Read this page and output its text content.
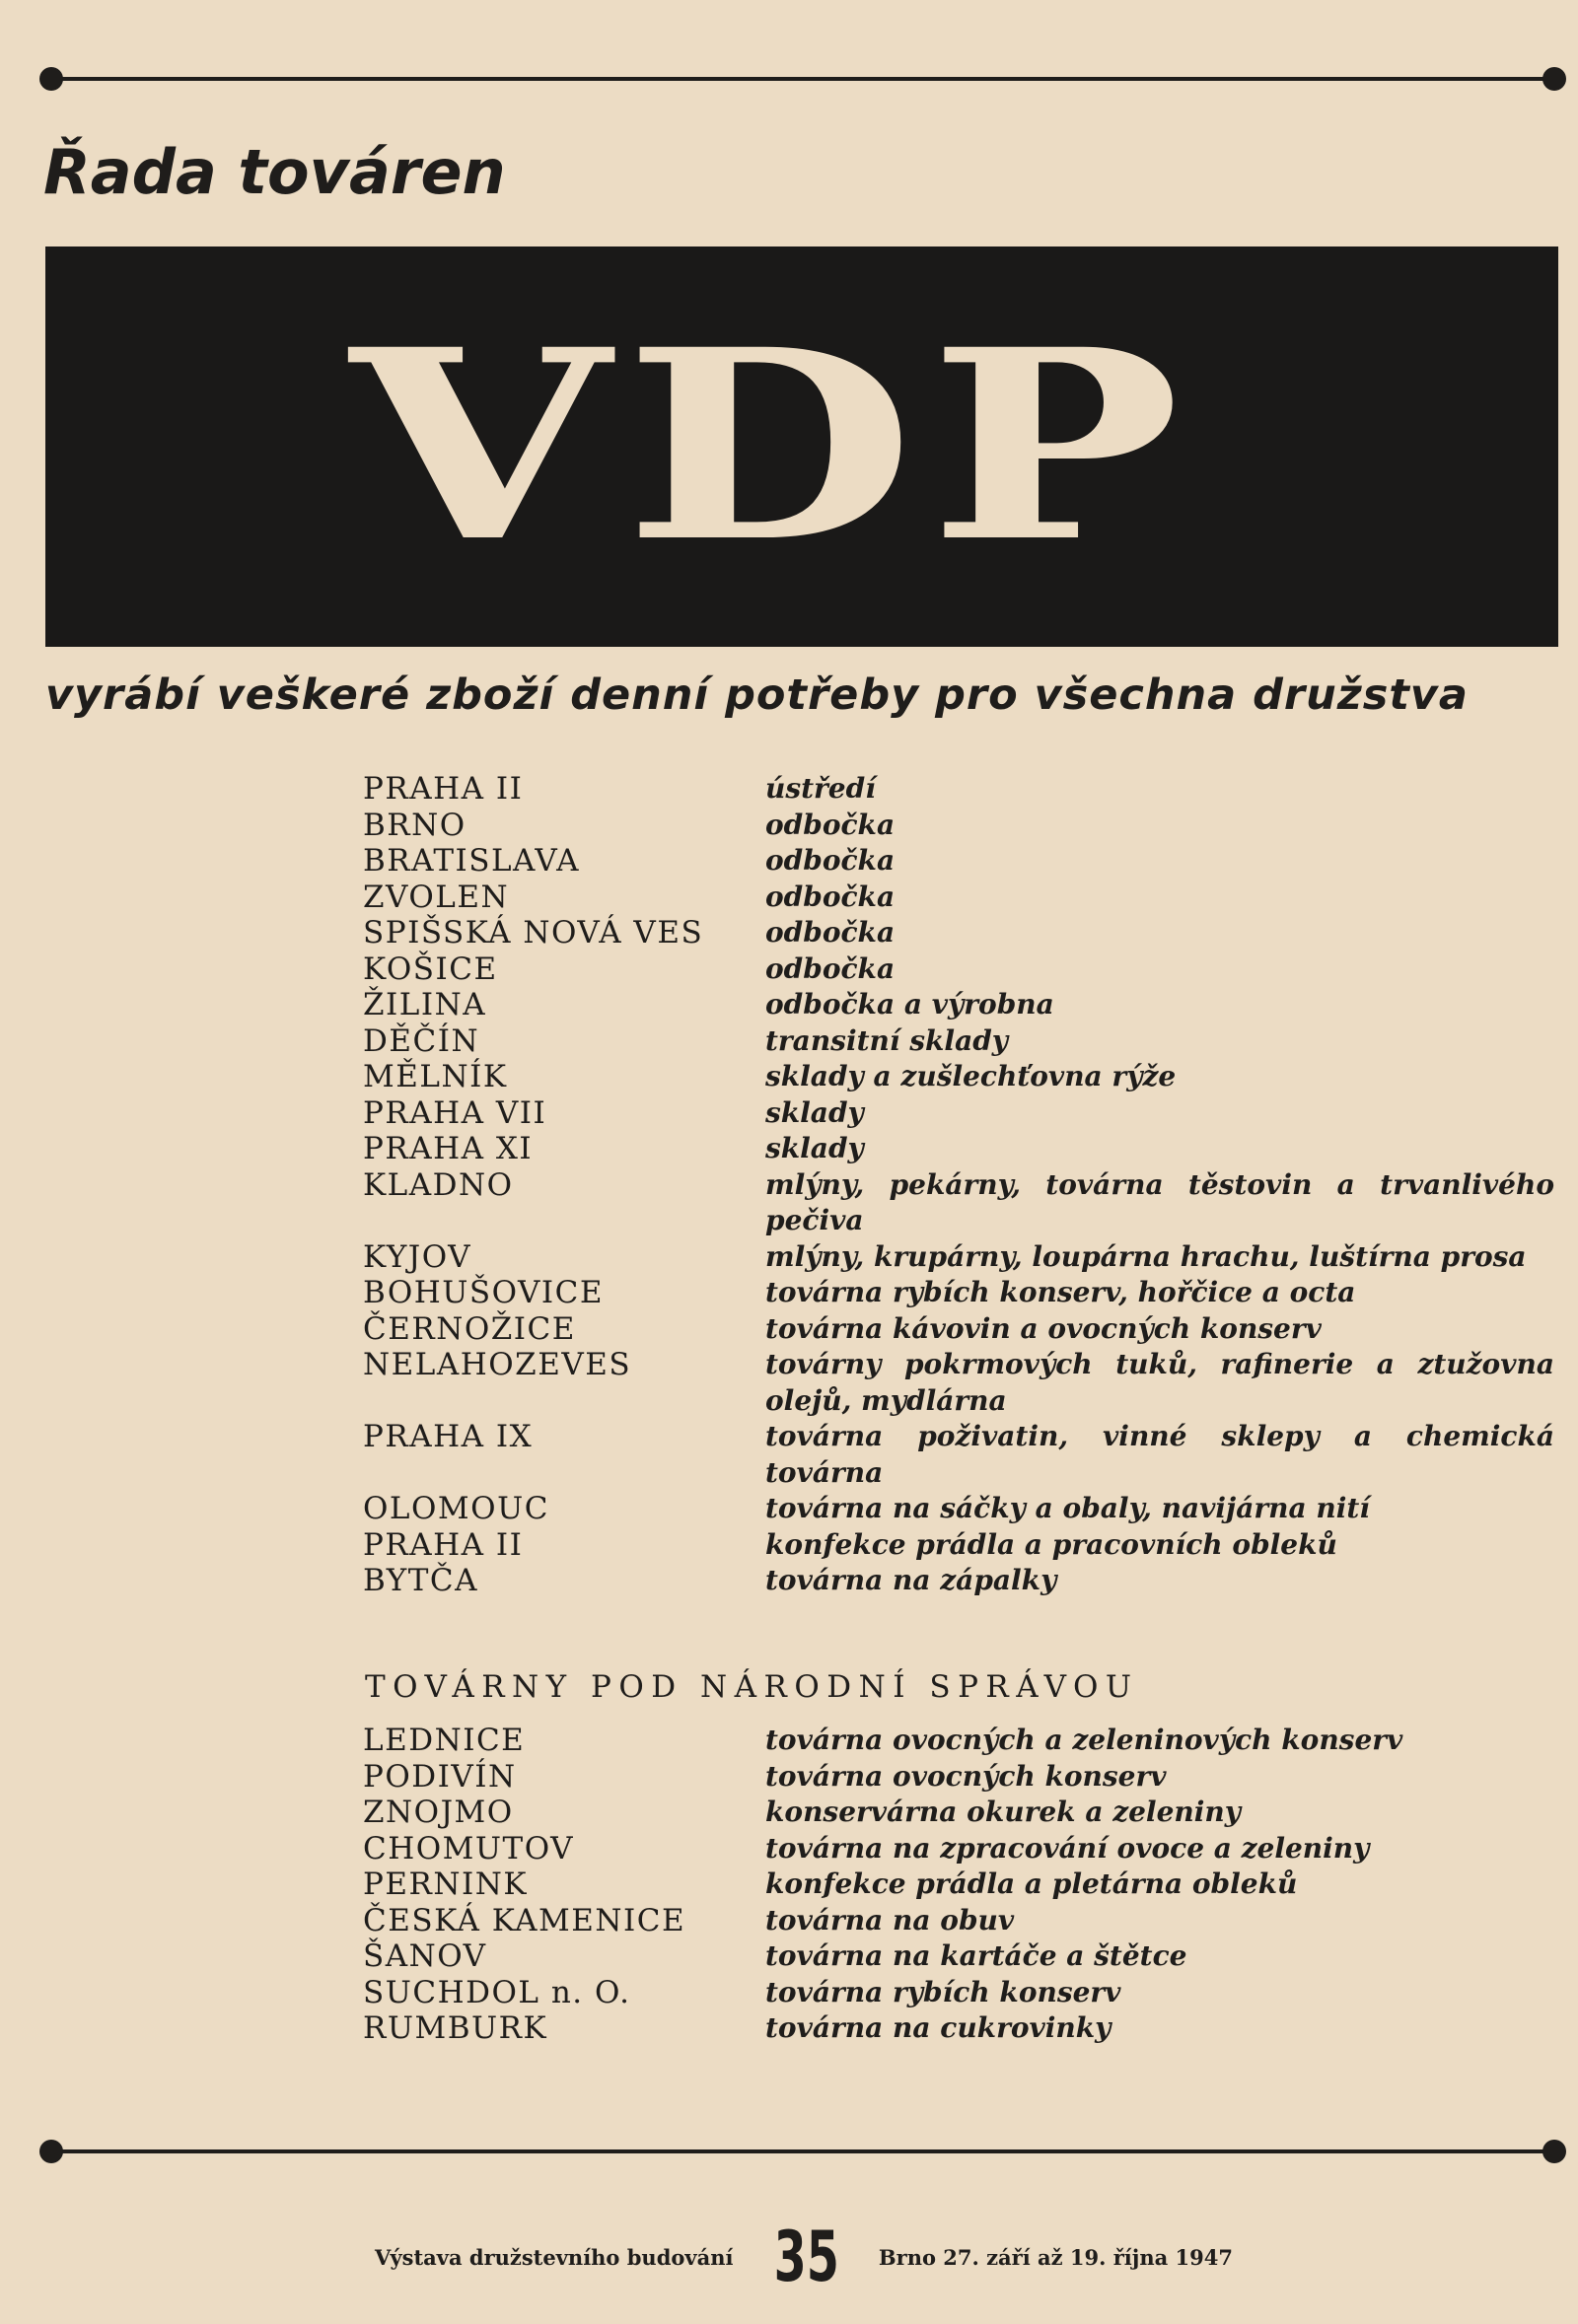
Řada továren
VDP

vyrábí veškeré zboží denní potřeby pro všechna družstva

PRAHA II	ústředí
BRNO	odbočka
BRATISLAVA	odbočka
ZVOLEN	odbočka
SPIŠSKÁ NOVÁ VES	odbočka
KOŠICE	odbočka
ŽILINA	odbočka a výrobna
DĚČÍN	transitní sklady
MĚLNÍK	sklady a zušlechťovna rýže
PRAHA VII	sklady
PRAHA XI	sklady
KLADNO	mlýny, pekárny, továrna těstovin a trvanlivého pečiva
KYJOV	mlýny, krupárny, loupárna hrachu, luštírna prosa
BOHUŠOVICE	továrna rybích konserv, hořčice a octa
ČERNOŽICE	továrna kávovin a ovocných konserv
NELAHOZEVES	továrny pokrmových tuků, rafinerie a ztužovna olejů, mydlárna
PRAHA IX	továrna poživatin, vinné sklepy a chemická továrna
OLOMOUC	továrna na sáčky a obaly, navijárna nití
PRAHA II	konfekce prádla a pracovních obleků
BYTČA	továrna na zápalky
TOVÁRNY POD NÁRODNÍ SPRÁVOU
LEDNICE	továrna ovocných a zeleninových konserv
PODIVÍN	továrna ovocných konserv
ZNOJMO	konservárna okurek a zeleniny
CHOMUTOV	továrna na zpracování ovoce a zeleniny
PERNINK	konfekce prádla a pletárna obleků
ČESKÁ KAMENICE	továrna na obuv
ŠANOV	továrna na kartáče a štětce
SUCHDOL n. O.	továrna rybích konserv
RUMBURK	továrna na cukrovinky
Výstava družstevního budování 35 Brno 27. září až 19. října 1947
